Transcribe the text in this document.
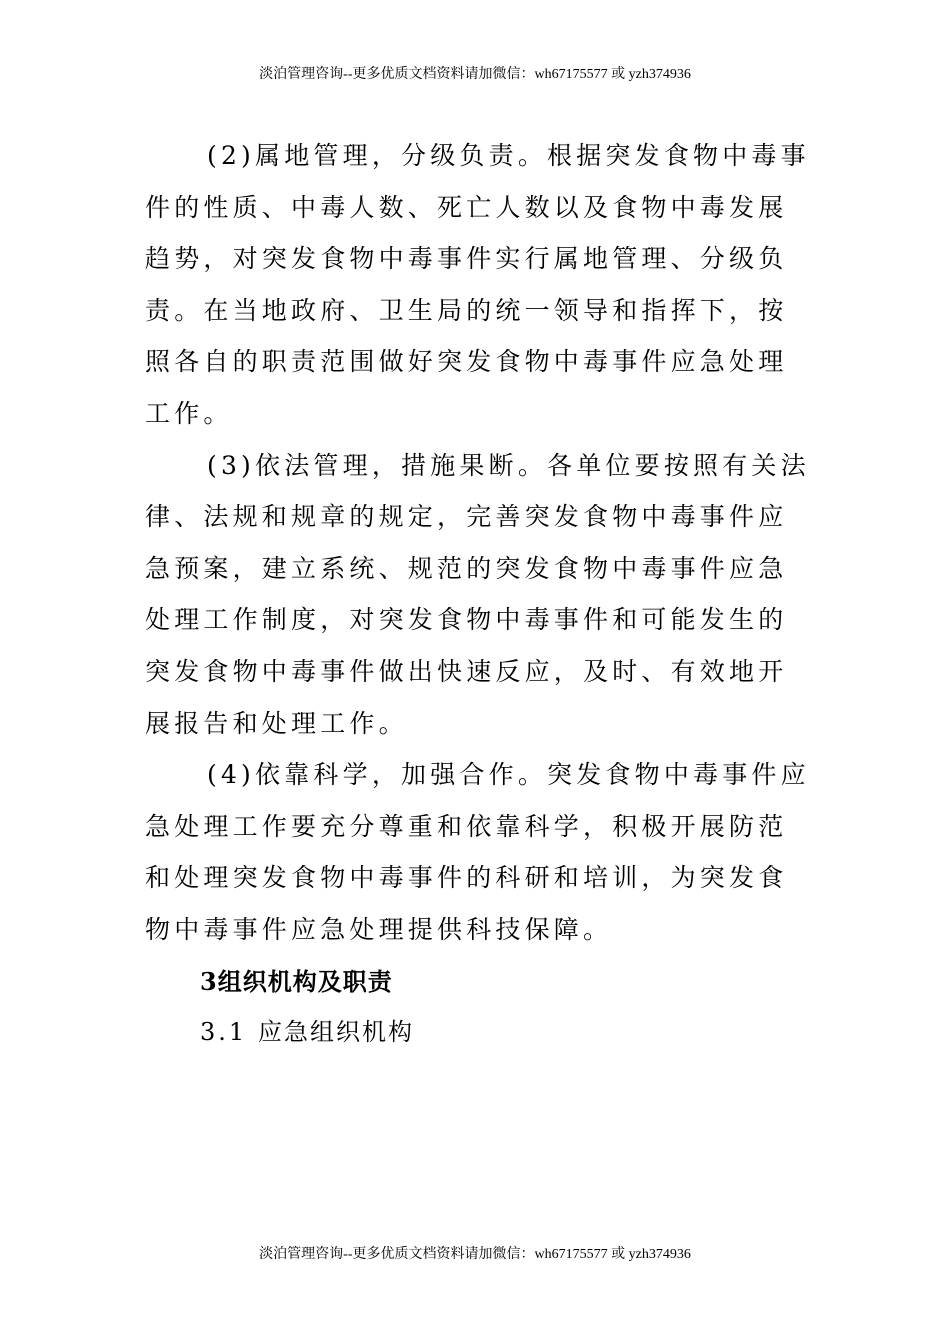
淡泊管理咨询--更多优质文档资料请加微信：wh67175577 或 yzh374936

(2)属地管理，分级负责。根据突发食物中毒事件的性质、中毒人数、死亡人数以及食物中毒发展趋势，对突发食物中毒事件实行属地管理、分级负责。在当地政府、卫生局的统一领导和指挥下，按照各自的职责范围做好突发食物中毒事件应急处理工作。

(3)依法管理，措施果断。各单位要按照有关法律、法规和规章的规定，完善突发食物中毒事件应急预案，建立系统、规范的突发食物中毒事件应急处理工作制度，对突发食物中毒事件和可能发生的突发食物中毒事件做出快速反应，及时、有效地开展报告和处理工作。

(4)依靠科学，加强合作。突发食物中毒事件应急处理工作要充分尊重和依靠科学，积极开展防范和处理突发食物中毒事件的科研和培训，为突发食物中毒事件应急处理提供科技保障。

3组织机构及职责

3.1 应急组织机构

淡泊管理咨询--更多优质文档资料请加微信：wh67175577 或 yzh374936
